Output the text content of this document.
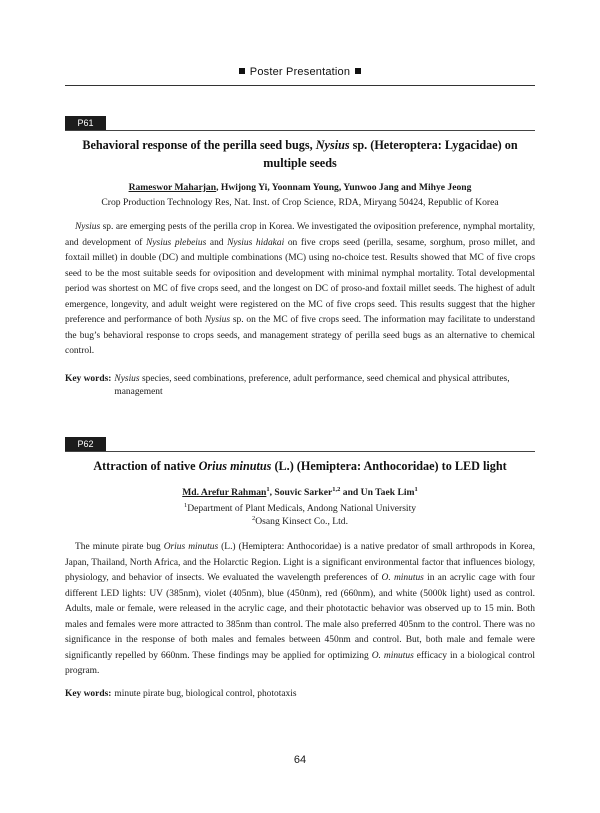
Poster Presentation
P61
Behavioral response of the perilla seed bugs, Nysius sp. (Heteroptera: Lygacidae) on multiple seeds
Rameswor Maharjan, Hwijong Yi, Yoonnam Young, Yunwoo Jang and Mihye Jeong
Crop Production Technology Res, Nat. Inst. of Crop Science, RDA, Miryang 50424, Republic of Korea

Nysius sp. are emerging pests of the perilla crop in Korea. We investigated the oviposition preference, nymphal mortality, and development of Nysius plebeius and Nysius hidakai on five crops seed (perilla, sesame, sorghum, proso millet, and foxtail millet) in double (DC) and multiple combinations (MC) using no-choice test. Results showed that MC of five crops seed to be the most suitable seeds for oviposition and development with minimal nymphal mortality. Total developmental period was shortest on MC of five crops seed, and the longest on DC of proso-and foxtail millet seeds. The highest of adult emergence, longevity, and adult weight were registered on the MC of five crops seed. This results suggest that the higher preference and performance of both Nysius sp. on the MC of five crops seed. The information may facilitate to understand the bug’s behavioral response to crops seeds, and management strategy of perilla seed bugs as an alternative to chemical control.

Key words: Nysius species, seed combinations, preference, adult performance, seed chemical and physical attributes, management
P62
Attraction of native Orius minutus (L.) (Hemiptera: Anthocoridae) to LED light
Md. Arefur Rahman$^1$, Souvic Sarker$^{1,2}$ and Un Taek Lim$^1$
$^1$Department of Plant Medicals, Andong National University
$^2$Osang Kinsect Co., Ltd.

The minute pirate bug Orius minutus (L.) (Hemiptera: Anthocoridae) is a native predator of small arthropods in Korea, Japan, Thailand, North Africa, and the Holarctic Region. Light is a significant environmental factor that influences biology, physiology, and behavior of insects. We evaluated the wavelength preferences of O. minutus in an acrylic cage with four different LED lights: UV (385nm), violet (405nm), blue (450nm), red (660nm), and white (5000k light) used as control. Adults, male or female, were released in the acrylic cage, and their phototactic behavior was observed up to 15 min. Both males and females were more attracted to 385nm than control. The male also preferred 405nm to the control. There was no significance in the response of both males and females between 450nm and control. But, both male and female were significantly repelled by 660nm. These findings may be applied for optimizing O. minutus efficacy in a biological control program.

Key words: minute pirate bug, biological control, phototaxis
64
